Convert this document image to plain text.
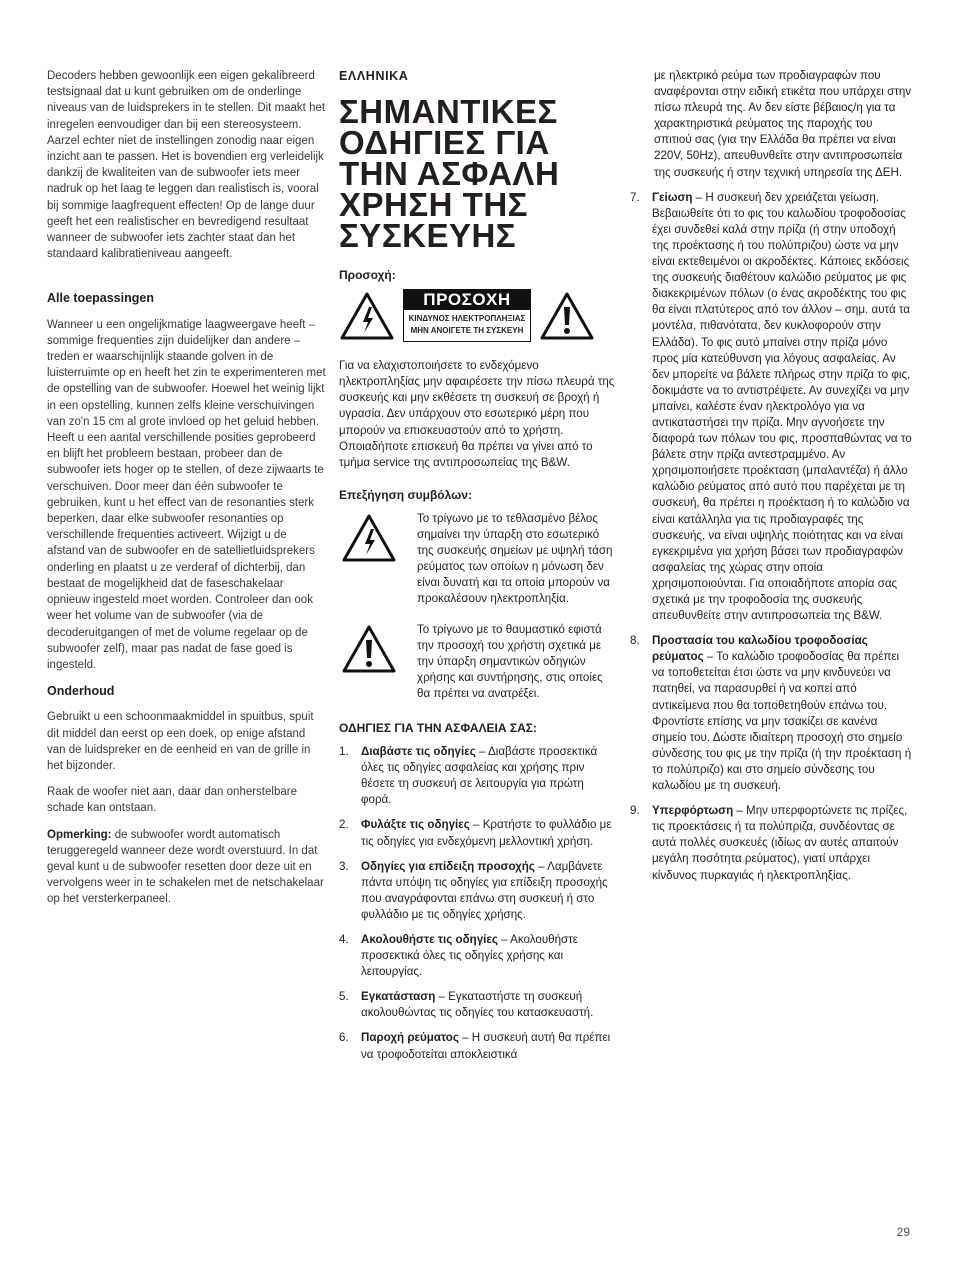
Decoders hebben gewoonlijk een eigen gekalibreerd testsignaal dat u kunt gebruiken om de onderlinge niveaus van de luidsprekers in te stellen. Dit maakt het inregelen eenvoudiger dan bij een stereosysteem. Aarzel echter niet de instellingen zonodig naar eigen inzicht aan te passen. Het is bovendien erg verleidelijk dankzij de kwaliteiten van de subwoofer iets meer nadruk op het laag te leggen dan realistisch is, vooral bij sommige laagfrequent effecten! Op de lange duur geeft het een realistischer en bevredigend resultaat wanneer de subwoofer iets zachter staat dan het standaard kalibratieniveau aangeeft.

Alle toepassingen

Wanneer u een ongelijkmatige laagweergave heeft – sommige frequenties zijn duidelijker dan andere – treden er waarschijnlijk staande golven in de luisterruimte op en heeft het zin te experimenteren met de opstelling van de subwoofer. Hoewel het weinig lijkt in een opstelling, kunnen zelfs kleine verschuivingen van zo'n 15 cm al grote invloed op het geluid hebben. Heeft u een aantal verschillende posities geprobeerd en blijft het probleem bestaan, probeer dan de subwoofer iets hoger op te stellen, of deze zijwaarts te verschuiven. Door meer dan één subwoofer te gebruiken, kunt u het effect van de resonanties sterk beperken, daar elke subwoofer resonanties op verschillende frequenties activeert. Wijzigt u de afstand van de subwoofer en de satellietluidsprekers onderling en plaatst u ze verderaf of dichterbij, dan bestaat de mogelijkheid dat de faseschakelaar opnieuw ingesteld moet worden. Controleer dan ook weer het volume van de subwoofer (via de decoderuitgangen of met de volume regelaar op de subwoofer zelf), maar pas nadat de fase goed is ingesteld.

Onderhoud

Gebruikt u een schoonmaakmiddel in spuitbus, spuit dit middel dan eerst op een doek, op enige afstand van de luidspreker en de eenheid en van de grille in het bijzonder.

Raak de woofer niet aan, daar dan onherstelbare schade kan ontstaan.

Opmerking: de subwoofer wordt automatisch teruggeregeld wanneer deze wordt overstuurd. In dat geval kunt u de subwoofer resetten door deze uit en vervolgens weer in te schakelen met de netschakelaar op het versterkerpaneel.

ΕΛΛΗΝΙΚΑ
ΣΗΜΑΝΤΙΚΕΣ ΟΔΗΓΙΕΣ ΓΙΑ ΤΗΝ ΑΣΦΑΛΗ ΧΡΗΣΗ ΤΗΣ ΣΥΣΚΕΥΗΣ
Προσοχή:
ΠΡΟΣΟΧΗ
ΚΙΝΔΥΝΟΣ ΗΛΕΚΤΡΟΠΛΗΞΙΑΣ
ΜΗΝ ΑΝΟΙΓΕΤΕ ΤΗ ΣΥΣΚΕΥΗ

Για να ελαχιστοποιήσετε το ενδεχόμενο ηλεκτροπληξίας μην αφαιρέσετε την πίσω πλευρά της συσκευής και μην εκθέσετε τη συσκευή σε βροχή ή υγρασία. Δεν υπάρχουν στο εσωτερικό μέρη που μπορούν να επισκευαστούν από το χρήστη. Οποιαδήποτε επισκευή θα πρέπει να γίνει από το τμήμα service της αντιπροσωπείας της B&W.

Επεξήγηση συμβόλων:
Το τρίγωνο με το τεθλασμένο βέλος σημαίνει την ύπαρξη στο εσωτερικό της συσκευής σημείων με υψηλή τάση ρεύματος των οποίων η μόνωση δεν είναι δυνατή και τα οποία μπορούν να προκαλέσουν ηλεκτροπληξία.
Το τρίγωνο με το θαυμαστικό εφιστά την προσοχή του χρήστη σχετικά με την ύπαρξη σημαντικών οδηγιών χρήσης και συντήρησης, στις οποίες θα πρέπει να ανατρέξει.
ΟΔΗΓΙΕΣ ΓΙΑ ΤΗΝ ΑΣΦΑΛΕΙΑ ΣΑΣ:
1.	Διαβάστε τις οδηγίες – Διαβάστε προσεκτικά όλες τις οδηγίες ασφαλείας και χρήσης πριν θέσετε τη συσκευή σε λειτουργία για πρώτη φορά.
2.	Φυλάξτε τις οδηγίες – Κρατήστε το φυλλάδιο με τις οδηγίες για ενδεχόμενη μελλοντική χρήση.
3.	Οδηγίες για επίδειξη προσοχής – Λαμβάνετε πάντα υπόψη τις οδηγίες για επίδειξη προσοχής που αναγράφονται επάνω στη συσκευή ή στο φυλλάδιο με τις οδηγίες χρήσης.
4.	Ακολουθήστε τις οδηγίες – Ακολουθήστε προσεκτικά όλες τις οδηγίες χρήσης και λειτουργίας.
5.	Εγκατάσταση – Εγκαταστήστε τη συσκευή ακολουθώντας τις οδηγίες του κατασκευαστή.
6.	Παροχή ρεύματος – Η συσκευή αυτή θα πρέπει να τροφοδοτείται αποκλειστικά
με ηλεκτρικό ρεύμα των προδιαγραφών που αναφέρονται στην ειδική ετικέτα που υπάρχει στην πίσω πλευρά της. Αν δεν είστε βέβαιος/η για τα χαρακτηριστικά ρεύματος της παροχής του σπιτιού σας (για την Ελλάδα θα πρέπει να είναι 220V, 50Hz), απευθυνθείτε στην αντιπροσωπεία της συσκευής ή στην τεχνική υπηρεσία της ΔΕΗ.
7.	Γείωση – Η συσκευή δεν χρειάζεται γείωση. Βεβαιωθείτε ότι το φις του καλωδίου τροφοδοσίας έχει συνδεθεί καλά στην πρίζα (ή στην υποδοχή της προέκτασης ή του πολύπριζου) ώστε να μην είναι εκτεθειμένοι οι ακροδέκτες. Κάποιες εκδόσεις της συσκευής διαθέτουν καλώδιο ρεύματος με φις διακεκριμένων πόλων (ο ένας ακροδέκτης του φις θα είναι πλατύτερος από τον άλλον – σημ. αυτά τα μοντέλα, πιθανότατα, δεν κυκλοφορούν στην Ελλάδα). Το φις αυτό μπαίνει στην πρίζα μόνο προς μία κατεύθυνση για λόγους ασφαλείας. Αν δεν μπορείτε να βάλετε πλήρως στην πρίζα το φις, δοκιμάστε να το αντιστρέψετε. Αν συνεχίζει να μην μπαίνει, καλέστε έναν ηλεκτρολόγο για να αντικαταστήσει την πρίζα. Μην αγνοήσετε την διαφορά των πόλων του φις, προσπαθώντας να το βάλετε στην πρίζα αντεστραμμένο. Αν χρησιμοποιήσετε προέκταση (μπαλαντέζα) ή άλλο καλώδιο ρεύματος από αυτό που παρέχεται με τη συσκευή, θα πρέπει η προέκταση ή το καλώδιο να είναι κατάλληλα για τις προδιαγραφές της συσκευής, να είναι υψηλής ποιότητας και να είναι εγκεκριμένα για χρήση βάσει των προδιαγραφών ασφαλείας της χώρας στην οποία χρησιμοποιούνται. Για οποιαδήποτε απορία σας σχετικά με την τροφοδοσία της συσκευής απευθυνθείτε στην αντιπροσωπεία της B&W.
8.	Προστασία του καλωδίου τροφοδοσίας ρεύματος – Το καλώδιο τροφοδοσίας θα πρέπει να τοποθετείται έτσι ώστε να μην κινδυνεύει να πατηθεί, να παρασυρθεί ή να κοπεί από αντικείμενα που θα τοποθετηθούν επάνω του. Φροντίστε επίσης να μην τσακίζει σε κανένα σημείο του. Δώστε ιδιαίτερη προσοχή στο σημείο σύνδεσης του φις με την πρίζα (ή την προέκταση ή το πολύπριζο) και στο σημείο σύνδεσης του καλωδίου με τη συσκευή.
9.	Υπερφόρτωση – Μην υπερφορτώνετε τις πρίζες, τις προεκτάσεις ή τα πολύπριζα, συνδέοντας σε αυτά πολλές συσκευές (ιδίως αν αυτές απαιτούν μεγάλη ποσότητα ρεύματος), γιατί υπάρχει κίνδυνος πυρκαγιάς ή ηλεκτροπληξίας.
29
